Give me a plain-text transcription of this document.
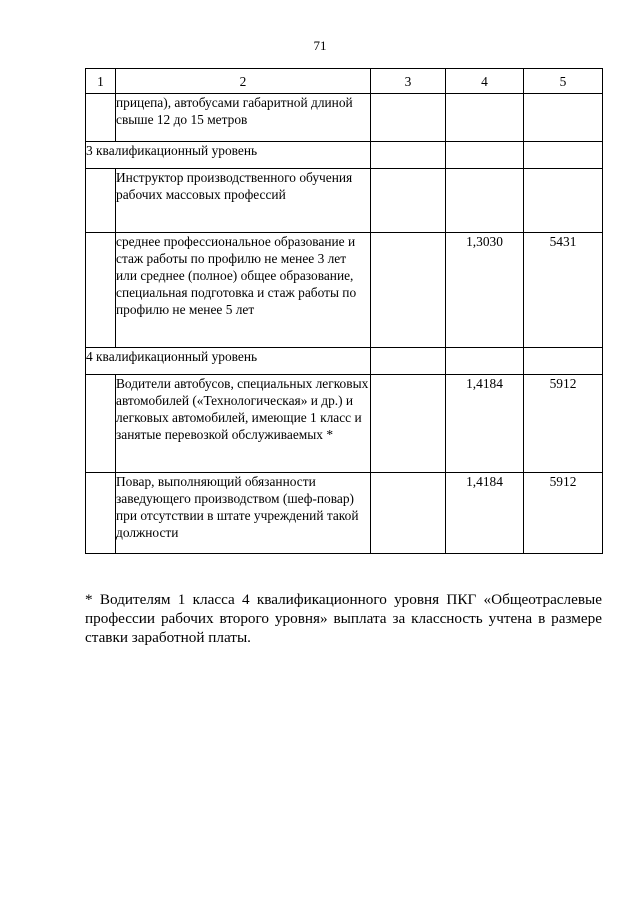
71
1	2	3	4	5
	прицепа), автобусами габаритной длиной свыше 12 до 15 метров			
3 квалификационный уровень				
	Инструктор производственного обучения рабочих массовых профессий			
	среднее профессиональное образование и стаж работы по профилю не менее 3 лет или среднее (полное) общее образование, специальная подготовка и стаж работы по профилю не менее 5 лет		1,3030	5431
4 квалификационный уровень				
	Водители автобусов, специальных легковых автомобилей («Технологическая» и др.) и легковых автомобилей, имеющие 1 класс и занятые перевозкой обслуживаемых *		1,4184	5912
	Повар, выполняющий обязанности заведующего производством (шеф-повар) при отсутствии в штате учреждений такой должности		1,4184	5912

* Водителям 1 класса 4 квалификационного уровня ПКГ «Общеотраслевые профессии рабочих второго уровня» выплата за классность учтена в размере ставки заработной платы.
